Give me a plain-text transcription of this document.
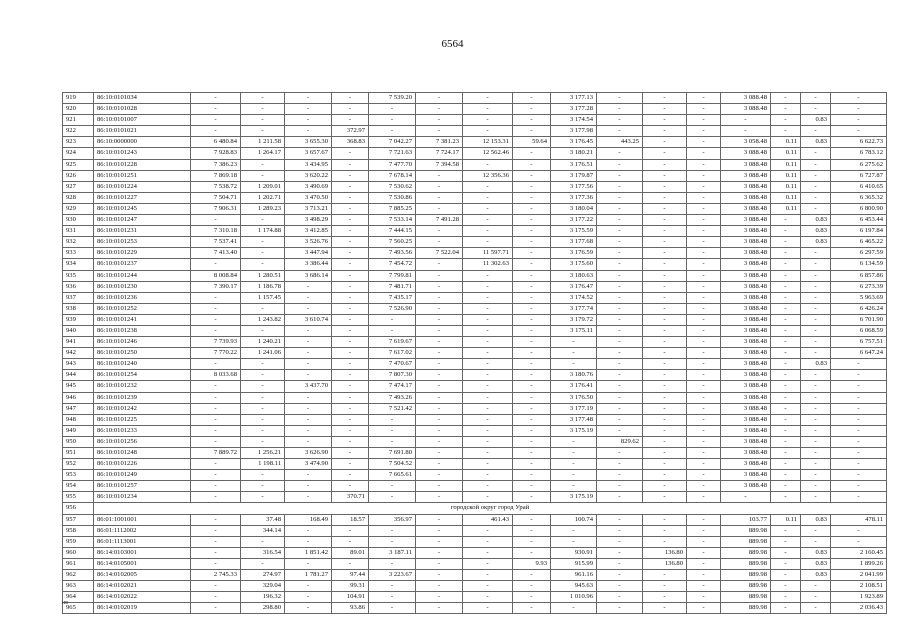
6564
919	86:10:0101034	-	-	-	-	7 539.20	-	-	-	3 177.13	-	-	-	3 088.48	-	-	-
920	86:10:0101028	-	-	-	-	-	-	-	-	3 177.28	-	-	-	3 088.48	-	-	-
921	86:10:0101007	-	-	-	-	-	-	-	-	3 174.54	-	-	-	-	-	0.83	-
922	86:10:0101021	-	-	-	372.97	-	-	-	-	3 177.98	-	-	-	-	-	-	-
923	86:10:0000000	6 480.84	1 211.58	3 655.30	368.83	7 042.27	7 381.23	12 153.31	59.64	3 176.45	443.25	-	-	3 058.48	0.11	0.83	6 622.73
924	86:10:0101243	7 928.83	1 264.17	3 657.67	-	7 721.63	7 724.17	12 562.46	-	3 180.21	-	-	-	3 088.48	0.11	-	6 783.12
925	86:10:0101228	7 386.23	-	3 434.95	-	7 477.70	7 394.58	-	-	3 176.51	-	-	-	3 088.48	0.11	-	6 275.62
926	86:10:0101251	7 869.18	-	3 620.22	-	7 678.14	-	12 356.36	-	3 179.87	-	-	-	3 088.48	0.11	-	6 727.87
927	86:10:0101224	7 538.72	1 209.01	3 490.69	-	7 530.62	-	-	-	3 177.56	-	-	-	3 088.48	0.11	-	6 410.65
928	86:10:0101227	7 504.71	1 202.71	3 470.50	-	7 530.86	-	-	-	3 177.36	-	-	-	3 088.48	0.11	-	6 365.32
929	86:10:0101245	7 906.31	1 289.23	3 713.21	-	7 885.25	-	-	-	3 180.04	-	-	-	3 088.48	0.11	-	6 800.90
930	86:10:0101247	-	-	3 498.29	-	7 533.14	7 491.28	-	-	3 177.22	-	-	-	3 088.48	-	0.83	6 453.44
931	86:10:0101231	7 310.18	1 174.88	3 412.85	-	7 444.15	-	-	-	3 175.59	-	-	-	3 088.48	-	0.83	6 197.84
932	86:10:0101253	7 537.41	-	3 526.76	-	7 560.25	-	-	-	3 177.68	-	-	-	3 088.48	-	0.83	6 465.22
933	86:10:0101229	7 413.40	-	3 447.94	-	7 493.56	7 522.04	11 597.71	-	3 176.59	-	-	-	3 088.48	-	-	6 297.59
934	86:10:0101237	-	-	3 386.44	-	7 454.72	-	11 302.63	-	3 175.60	-	-	-	3 088.48	-	-	6 134.59
935	86:10:0101244	8 008.84	1 280.51	3 686.14	-	7 799.81	-	-	-	3 180.63	-	-	-	3 088.48	-	-	6 857.86
936	86:10:0101230	7 390.17	1 186.78	-	-	7 481.71	-	-	-	3 176.47	-	-	-	3 088.48	-	-	6 273.39
937	86:10:0101236	-	1 157.45	-	-	7 435.17	-	-	-	3 174.52	-	-	-	3 088.48	-	-	5 963.69
938	86:10:0101252	-	-	-	-	7 526.90	-	-	-	3 177.74	-	-	-	3 088.48	-	-	6 426.24
939	86:10:0101241	-	1 243.82	3 610.74	-	-	-	-	-	3 179.72	-	-	-	3 088.48	-	-	6 701.90
940	86:10:0101238	-	-	-	-	-	-	-	-	3 175.11	-	-	-	3 088.48	-	-	6 068.59
941	86:10:0101246	7 739.93	1 240.21	-	-	7 619.67	-	-	-	-	-	-	-	3 088.48	-	-	6 757.51
942	86:10:0101250	7 770.22	1 241.06	-	-	7 617.02	-	-	-	-	-	-	-	3 088.48	-	-	6 647.24
943	86:10:0101240	-	-	-	-	7 470.67	-	-	-	-	-	-	-	3 088.48	-	0.83	-
944	86:10:0101254	8 033.68	-	-	-	7 807.30	-	-	-	3 180.76	-	-	-	3 088.48	-	-	-
945	86:10:0101232	-	-	3 437.70	-	7 474.17	-	-	-	3 176.41	-	-	-	3 088.48	-	-	-
946	86:10:0101239	-	-	-	-	7 493.26	-	-	-	3 176.50	-	-	-	3 088.48	-	-	-
947	86:10:0101242	-	-	-	-	7 521.42	-	-	-	3 177.19	-	-	-	3 088.48	-	-	-
948	86:10:0101225	-	-	-	-	-	-	-	-	3 177.48	-	-	-	3 088.48	-	-	-
949	86:10:0101233	-	-	-	-	-	-	-	-	3 175.19	-	-	-	3 088.48	-	-	-
950	86:10:0101256	-	-	-	-	-	-	-	-	-	829.62	-	-	3 088.48	-	-	-
951	86:10:0101248	7 889.72	1 256.21	3 626.90	-	7 691.80	-	-	-	-	-	-	-	3 088.48	-	-	-
952	86:10:0101226	-	1 198.11	3 474.90	-	7 504.52	-	-	-	-	-	-	-	3 088.48	-	-	-
953	86:10:0101249	-	-	-	-	7 665.61	-	-	-	-	-	-	-	3 088.48	-	-	-
954	86:10:0101257	-	-	-	-	-	-	-	-	-	-	-	-	3 088.48	-	-	-
955	86:10:0101234	-	-	-	370.71	-	-	-	-	3 175.19	-	-	-	-	-	-	-
956	городской округ город Урай																
957	86:01:1001001	-	37.48	168.49	18.57	356.97	-	461.43	-	100.74	-	-	-	103.77	0.11	0.83	478.11
958	86:01:1112002	-	344.14	-	-	-	-	-	-	-	-	-	-	889.98	-	-	-
959	86:01:1113001	-	-	-	-	-	-	-	-	-	-	-	-	889.98	-	-	-
960	86:14:0103001	-	316.54	1 851.42	89.01	3 187.11	-	-	-	930.91	-	136.80	-	889.98	-	0.83	2 160.45
961	86:14:0105001	-	-	-	-	-	-	-	9.93	915.99	-	136.80	-	889.98	-	0.83	1 899.26
962	86:14:0102005	2 745.33	274.97	1 781.27	97.44	3 223.67	-	-	-	961.16	-	-	-	889.98	-	0.83	2 041.99
963	86:14:0102021	-	329.04	-	99.31	-	-	-	-	945.63	-	-	-	889.98	-	-	2 108.51
964	86:14:0102022	-	196.32	-	104.91	-	-	-	-	1 010.96	-	-	-	889.98	-	-	1 923.89
965	86:14:0102019	-	298.80	-	93.86	-	-	-	-	-	-	-	-	889.98	-	-	2 036.43
ив
